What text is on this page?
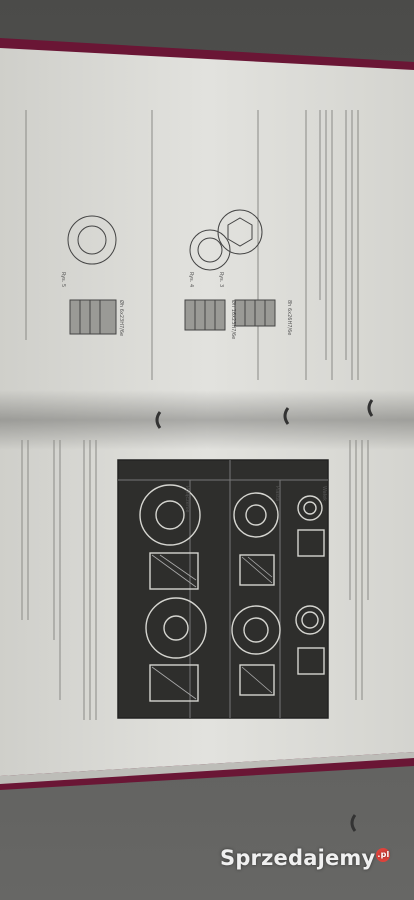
Rys. 3
Rys. 4
Rys. 5
8h 6x26H7/6e
Øh 16x23H7/6e
Øh 6x23H7/6e
Wałek
Piasta
Połączenie
Sprzedajemy .pl
